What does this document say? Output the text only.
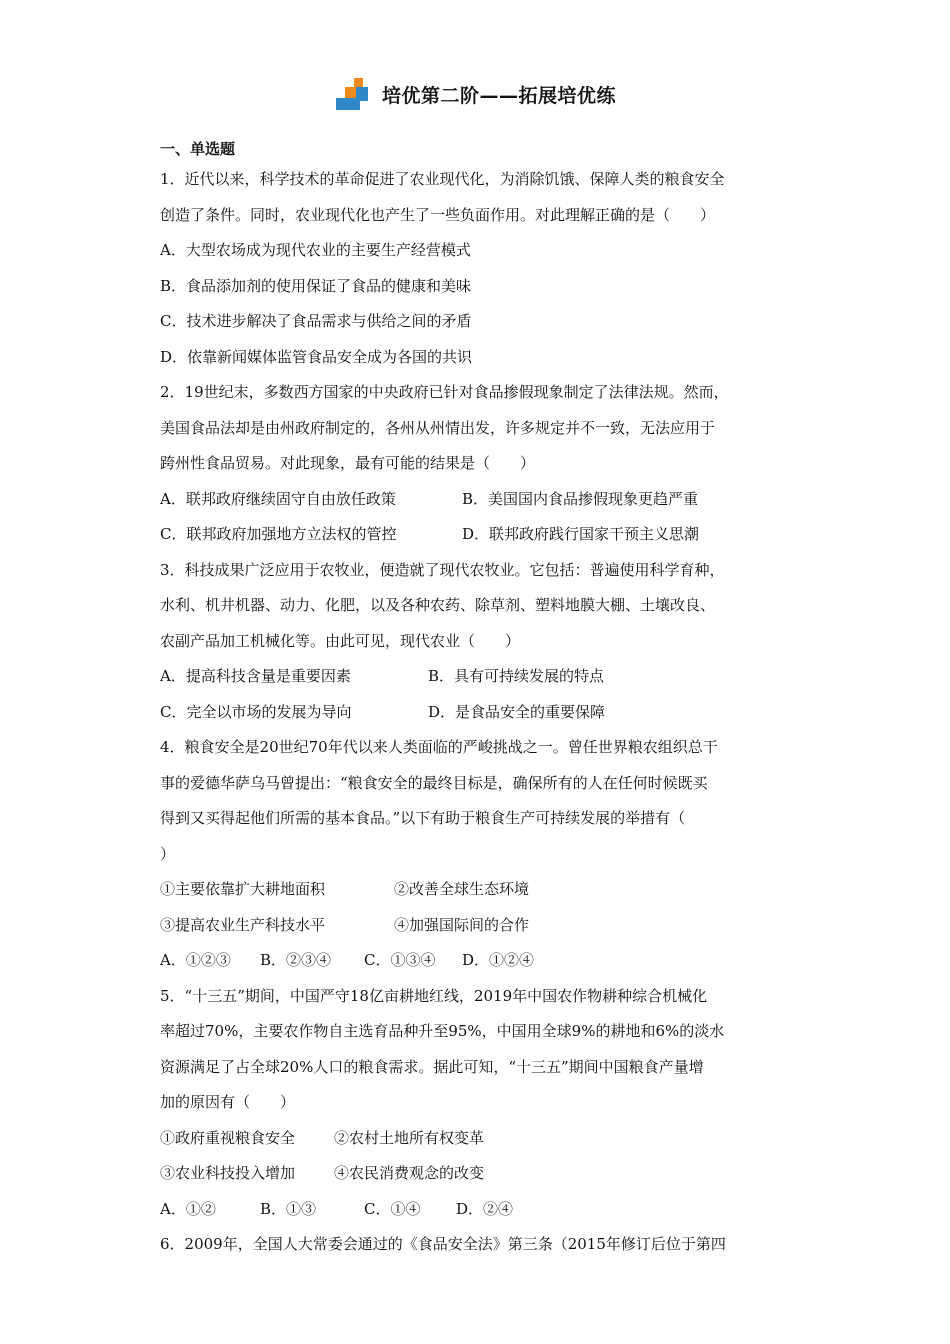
培优第二阶——拓展培优练
一、单选题
1．近代以来，科学技术的革命促进了农业现代化，为消除饥饿、保障人类的粮食安全
创造了条件。同时，农业现代化也产生了一些负面作用。对此理解正确的是（　　）
A．大型农场成为现代农业的主要生产经营模式
B．食品添加剂的使用保证了食品的健康和美味
C．技术进步解决了食品需求与供给之间的矛盾
D．依靠新闻媒体监管食品安全成为各国的共识
2．19世纪末，多数西方国家的中央政府已针对食品掺假现象制定了法律法规。然而，
美国食品法却是由州政府制定的，各州从州情出发，许多规定并不一致，无法应用于
跨州性食品贸易。对此现象，最有可能的结果是（　　）
A．联邦政府继续固守自由放任政策	B．美国国内食品掺假现象更趋严重
C．联邦政府加强地方立法权的管控	D．联邦政府践行国家干预主义思潮
3．科技成果广泛应用于农牧业，便造就了现代农牧业。它包括：普遍使用科学育种，
水利、机井机器、动力、化肥，以及各种农药、除草剂、塑料地膜大棚、土壤改良、
农副产品加工机械化等。由此可见，现代农业（　　）
A．提高科技含量是重要因素	B．具有可持续发展的特点
C．完全以市场的发展为导向	D．是食品安全的重要保障
4．粮食安全是20世纪70年代以来人类面临的严峻挑战之一。曾任世界粮农组织总干
事的爱德华萨乌马曾提出：“粮食安全的最终目标是，确保所有的人在任何时候既买
得到又买得起他们所需的基本食品。”以下有助于粮食生产可持续发展的举措有（
）
①主要依靠扩大耕地面积	②改善全球生态环境
③提高农业生产科技水平	④加强国际间的合作
A．①②③	B．②③④	C．①③④	D．①②④
5．“十三五”期间，中国严守18亿亩耕地红线，2019年中国农作物耕种综合机械化
率超过70%，主要农作物自主选育品种升至95%，中国用全球9%的耕地和6%的淡水
资源满足了占全球20%人口的粮食需求。据此可知，“十三五”期间中国粮食产量增
加的原因有（　　）
①政府重视粮食安全	②农村土地所有权变革
③农业科技投入增加	④农民消费观念的改变
A．①②	B．①③	C．①④	D．②④
6．2009年，全国人大常委会通过的《食品安全法》第三条（2015年修订后位于第四
